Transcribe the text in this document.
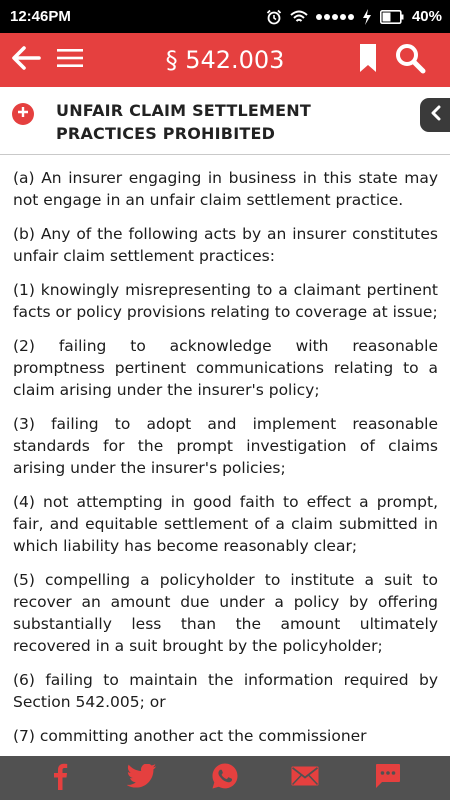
12:46PM	40%
§ 542.003
UNFAIR CLAIM SETTLEMENT PRACTICES PROHIBITED

(a) An insurer engaging in business in this state may not engage in an unfair claim settlement practice.

(b) Any of the following acts by an insurer constitutes unfair claim settlement practices:

(1) knowingly misrepresenting to a claimant pertinent facts or policy provisions relating to coverage at issue;

(2) failing to acknowledge with reasonable promptness pertinent communications relating to a claim arising under the insurer's policy;

(3) failing to adopt and implement reasonable standards for the prompt investigation of claims arising under the insurer's policies;

(4) not attempting in good faith to effect a prompt, fair, and equitable settlement of a claim submitted in which liability has become reasonably clear;

(5) compelling a policyholder to institute a suit to recover an amount due under a policy by offering substantially less than the amount ultimately recovered in a suit brought by the policyholder;

(6) failing to maintain the information required by Section 542.005; or

(7) committing another act the commissioner
